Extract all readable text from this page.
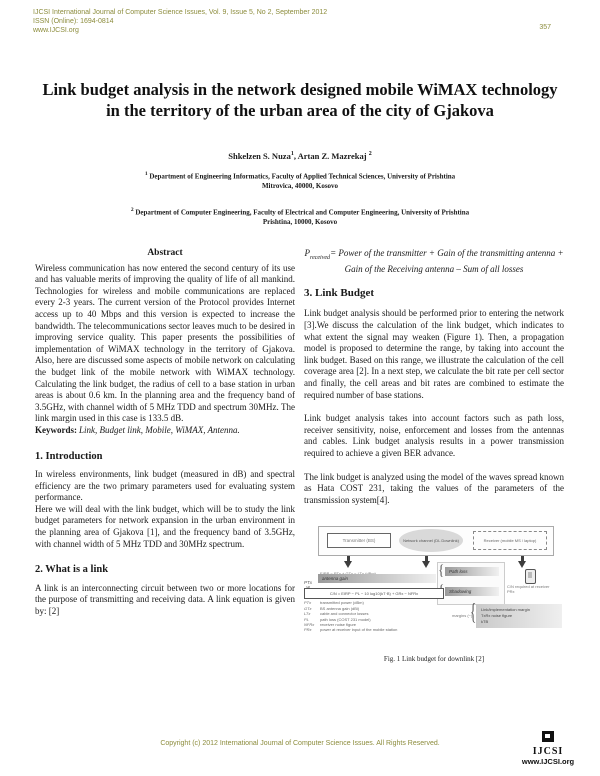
IJCSI International Journal of Computer Science Issues, Vol. 9, Issue 5, No 2, September 2012
ISSN (Online): 1694-0814
www.IJCSI.org	357
Link budget analysis in the network designed mobile WiMAX technology in the territory of the urban area of the city of Gjakova
Shkelzen S. Nuza$^1$, Artan Z. Mazrekaj $^2$
$^1$ Department of Engineering Informatics, Faculty of Applied Technical Sciences, University of Prishtina
Mitrovica, 40000, Kosovo
$^2$ Department of Computer Engineering, Faculty of Electrical and Computer Engineering, University of Prishtina
Prishtina, 10000, Kosovo
Abstract

Wireless communication has now entered the second century of its use and has valuable merits of improving the quality of life of all mankind. Technologies for wireless and mobile communications are replaced every 2-3 years. The current version of the Protocol provides Internet access up to 40 Mbps and this version is expected to increase the bandwidth. The telecommunications sector leaves much to be desired in improving service quality. This paper presents the possibilities of implementation of WiMAX technology in the territory of Gjakova. Also, here are discussed some aspects of mobile network on calculating the budget link of the mobile network with WiMAX technology. Calculating the link budget, the radius of cell to a base station in urban areas is about 0.6 km. In the planning area and the frequency band of 3.5GHz, with channel width of 5 MHz TDD and spectrum 30MHz. The link margin used in this case is 133.5 dB.

Keywords: Link, Budget link, Mobile, WiMAX, Antenna.

1. Introduction

In wireless environments, link budget (measured in dB) and spectral efficiency are the two primary parameters used for evaluating system performance.

Here we will deal with the link budget, which will be to study the link budget parameters for network expansion in the urban environment in the planning area of Gjakova [1], and the frequency band of 3.5GHz, with channel width of 5 MHz TDD and 30MHz spectrum.

2. What is a link

A link is an interconnecting circuit between two or more locations for the purpose of transmitting and receiving data. A link equation is given by: [2]

$P_{received}=$ Power of the transmitter + Gain of the transmitting antenna + Gain of the Receiving antenna – Sum of all losses
3. Link Budget

Link budget analysis should be performed prior to entering the network [3].We discuss the calculation of the link budget, which indicates to what extent the signal may weaken (Figure 1). Then, a propagation model is proposed to determine the range, by taking into account the link budget. Based on this range, we illustrate the calculation of the cell coverage area [2]. In a next step, we calculate the bit rate per cell sector and finally, the cell areas and bit rates are combined to estimate the required number of base stations.

Link budget analysis takes into account factors such as path loss, receiver sensitivity, noise, enforcement and losses from the antennas and cables. Link budget analysis results in a power transmission required to achieve a given BER advance.

The link budget is analyzed using the model of the waves spread known as Hata COST 231, taking the values of the parameters of the transmission system[4].

Transmitter (BS)	Network channel (DL Downlink)	Receiver (mobile MS / laptop)
antenna gain
PTx
{	Path loss
Shadowing
C/N required at receiver
PRx
C/N = EIRP − PL − 10 log10(kT·B) + GRx − NFRx
PTx transmitted power (dBm)
GTx BS antenna gain (dBi)
LTx cable and connector losses
PL	path loss (COST 231 model)
NFRx receiver noise figure
PRx power at receiver input of the mobile station
margins (−)
{ Link/implementation margin
TxRx noise figure
kTB
Fig. 1 Link budget for downlink [2]
Copyright (c) 2012 International Journal of Computer Science Issues. All Rights Reserved.
IJCSI
www.IJCSI.org
